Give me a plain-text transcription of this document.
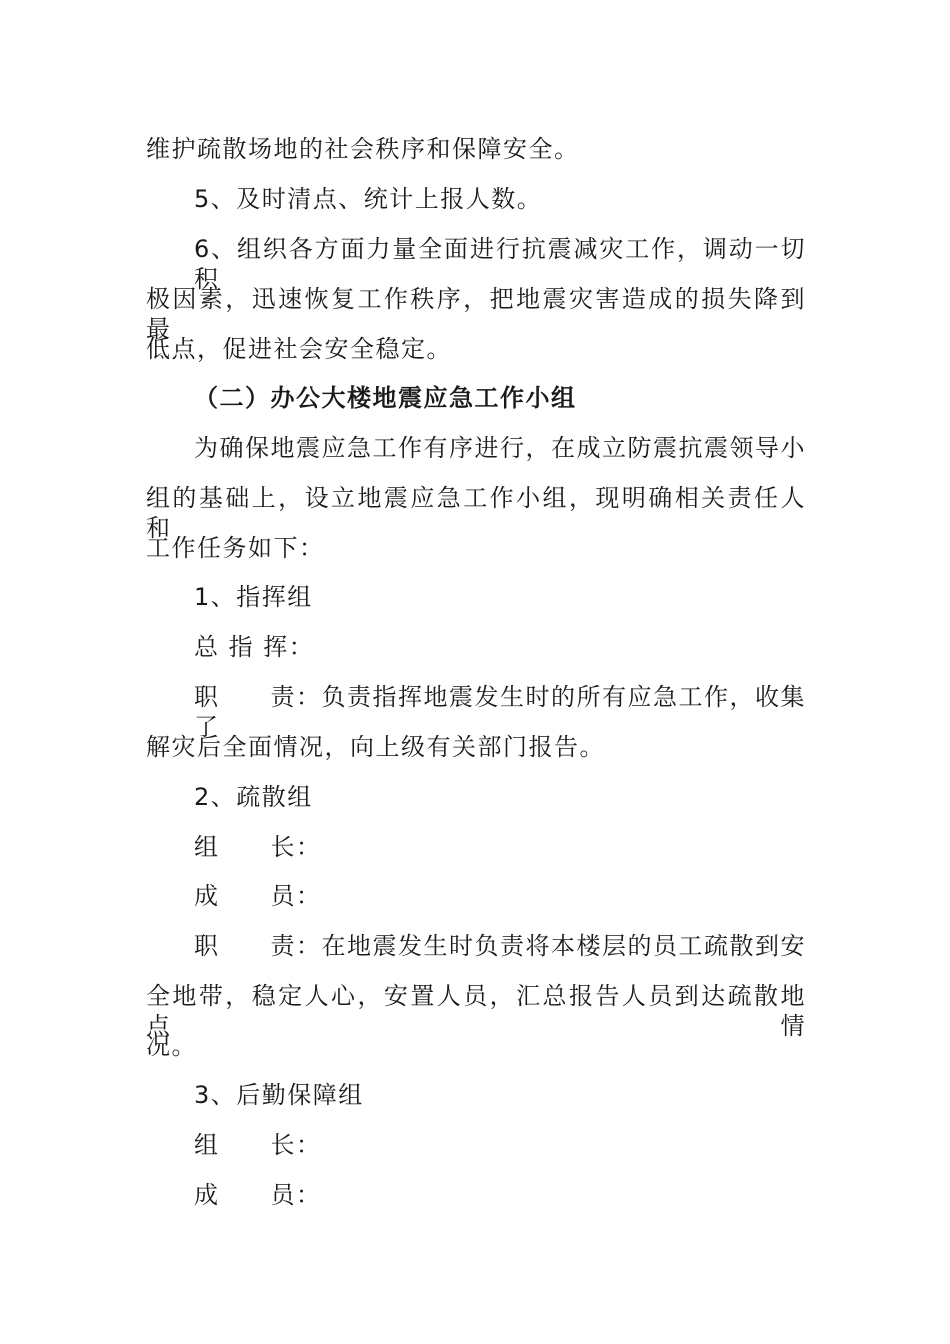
维护疏散场地的社会秩序和保障安全。
5、及时清点、统计上报人数。
6、组织各方面力量全面进行抗震减灾工作，调动一切积
极因素，迅速恢复工作秩序，把地震灾害造成的损失降到最
低点，促进社会安全稳定。
（二）办公大楼地震应急工作小组
为确保地震应急工作有序进行，在成立防震抗震领导小
组的基础上，设立地震应急工作小组，现明确相关责任人和
工作任务如下：
1、指挥组
总 指 挥：
职　　责：负责指挥地震发生时的所有应急工作，收集了
解灾后全面情况，向上级有关部门报告。
2、疏散组
组　　长：
成　　员：
职　　责：在地震发生时负责将本楼层的员工疏散到安
全地带，稳定人心，安置人员，汇总报告人员到达疏散地点情
况。
3、后勤保障组
组　　长：
成　　员：
